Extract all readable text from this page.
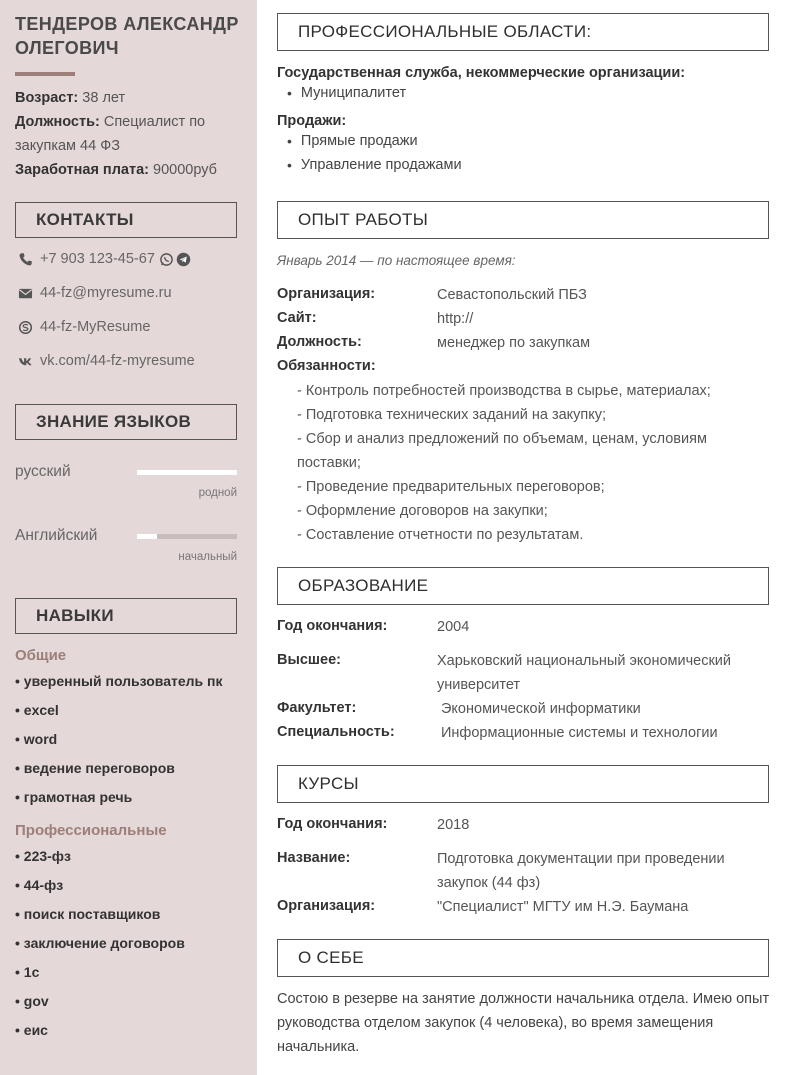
ТЕНДЕРОВ АЛЕКСАНДР ОЛЕГОВИЧ
Возраст: 38 лет
Должность: Специалист по закупкам 44 ФЗ
Заработная плата: 90000руб
КОНТАКТЫ
+7 903 123-45-67
44-fz@myresume.ru
44-fz-MyResume
vk.com/44-fz-myresume
ЗНАНИЕ ЯЗЫКОВ
русский
родной
Английский
начальный
НАВЫКИ
Общие
• уверенный пользователь пк
• excel
• word
• ведение переговоров
• грамотная речь
Профессиональные
• 223-фз
• 44-фз
• поиск поставщиков
• заключение договоров
• 1с
• gov
• еис
ПРОФЕССИОНАЛЬНЫЕ ОБЛАСТИ:
Государственная служба, некоммерческие организации:
• Муниципалитет
Продажи:
• Прямые продажи
• Управление продажами
ОПЫТ РАБОТЫ
Январь 2014 — по настоящее время:
Организация:	Севастопольский ПБЗ
Сайт:	http://
Должность:	менеджер по закупкам
Обязанности:
- Контроль потребностей производства в сырье, материалах;
- Подготовка технических заданий на закупку;
- Сбор и анализ предложений по объемам, ценам, условиям поставки;
- Проведение предварительных переговоров;
- Оформление договоров на закупки;
- Составление отчетности по результатам.
ОБРАЗОВАНИЕ
Год окончания:	2004
Высшее:	Харьковский национальный экономический университет
Факультет:	Экономической информатики
Специальность:	Информационные системы и технологии
КУРСЫ
Год окончания:	2018
Название:	Подготовка документации при проведении закупок (44 фз)
Организация:	"Специалист" МГТУ им Н.Э. Баумана
О СЕБЕ
Состою в резерве на занятие должности начальника отдела. Имею опыт руководства отделом закупок (4 человека), во время замещения начальника.
